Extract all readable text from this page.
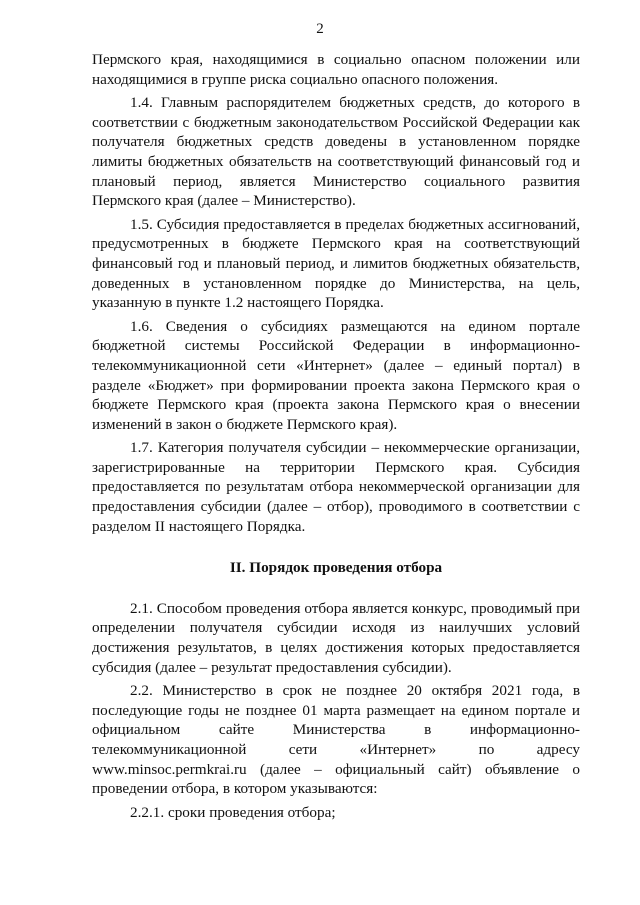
2

Пермского края, находящимися в социально опасном положении или находящимися в группе риска социально опасного положения.

1.4. Главным распорядителем бюджетных средств, до которого в соответствии с бюджетным законодательством Российской Федерации как получателя бюджетных средств доведены в установленном порядке лимиты бюджетных обязательств на соответствующий финансовый год и плановый период, является Министерство социального развития Пермского края (далее – Министерство).

1.5. Субсидия предоставляется в пределах бюджетных ассигнований, предусмотренных в бюджете Пермского края на соответствующий финансовый год и плановый период, и лимитов бюджетных обязательств, доведенных в установленном порядке до Министерства, на цель, указанную в пункте 1.2 настоящего Порядка.

1.6. Сведения о субсидиях размещаются на едином портале бюджетной системы Российской Федерации в информационно-телекоммуникационной сети «Интернет» (далее – единый портал) в разделе «Бюджет» при формировании проекта закона Пермского края о бюджете Пермского края (проекта закона Пермского края о внесении изменений в закон о бюджете Пермского края).

1.7. Категория получателя субсидии – некоммерческие организации, зарегистрированные на территории Пермского края. Субсидия предоставляется по результатам отбора некоммерческой организации для предоставления субсидии (далее – отбор), проводимого в соответствии с разделом II настоящего Порядка.

II. Порядок проведения отбора

2.1. Способом проведения отбора является конкурс, проводимый при определении получателя субсидии исходя из наилучших условий достижения результатов, в целях достижения которых предоставляется субсидия (далее – результат предоставления субсидии).

2.2. Министерство в срок не позднее 20 октября 2021 года, в последующие годы не позднее 01 марта размещает на едином портале и официальном сайте Министерства в информационно-телекоммуникационной сети «Интернет» по адресу www.minsoc.permkrai.ru (далее – официальный сайт) объявление о проведении отбора, в котором указываются:

2.2.1. сроки проведения отбора;
